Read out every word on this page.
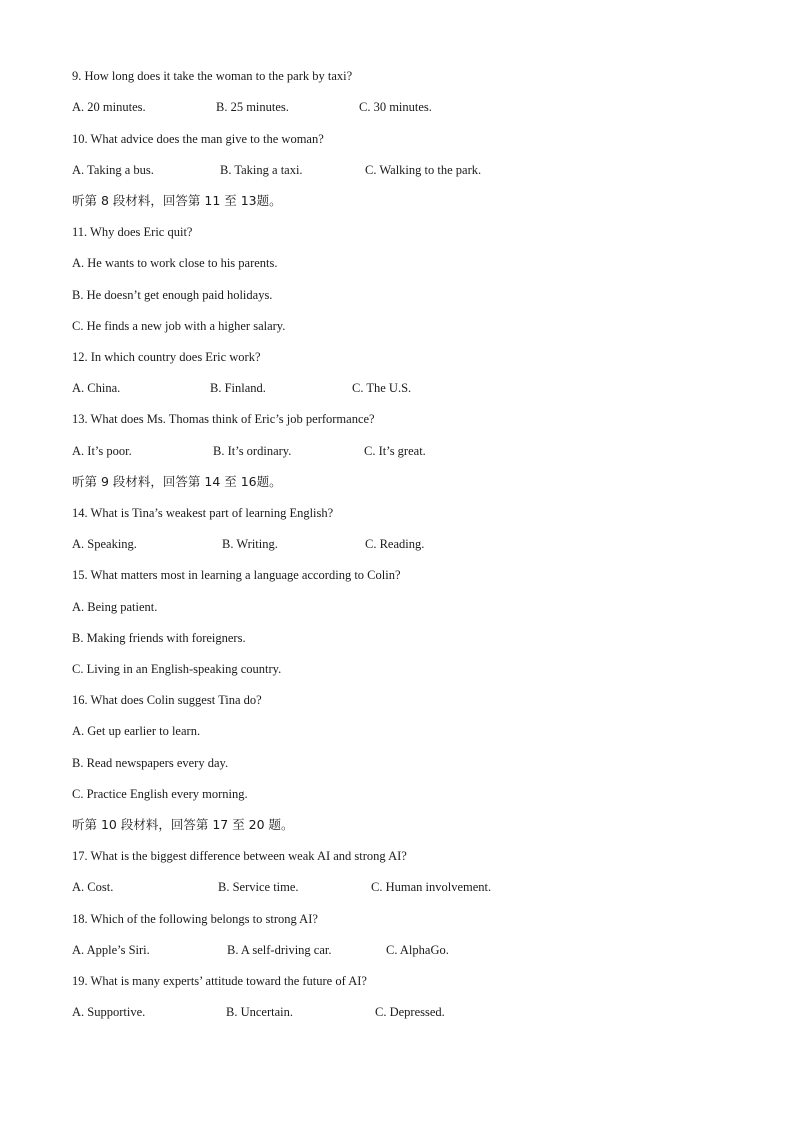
9. How long does it take the woman to the park by taxi?
A. 20 minutes.	B. 25 minutes.	C. 30 minutes.
10. What advice does the man give to the woman?
A. Taking a bus.	B. Taking a taxi.	C. Walking to the park.
听第 8 段材料，回答第 11 至 13题。
11. Why does Eric quit?
A. He wants to work close to his parents.
B. He doesn’t get enough paid holidays.
C. He finds a new job with a higher salary.
12. In which country does Eric work?
A. China.	B. Finland.	C. The U.S.
13. What does Ms. Thomas think of Eric’s job performance?
A. It’s poor.	B. It’s ordinary.	C. It’s great.
听第 9 段材料，回答第 14 至 16题。
14. What is Tina’s weakest part of learning English?
A. Speaking.	B. Writing.	C. Reading.
15. What matters most in learning a language according to Colin?
A. Being patient.
B. Making friends with foreigners.
C. Living in an English-speaking country.
16. What does Colin suggest Tina do?
A. Get up earlier to learn.
B. Read newspapers every day.
C. Practice English every morning.
听第 10 段材料，回答第 17 至 20 题。
17. What is the biggest difference between weak AI and strong AI?
A. Cost.	B. Service time.	C. Human involvement.
18. Which of the following belongs to strong AI?
A. Apple’s Siri.	B. A self-driving car.	C. AlphaGo.
19. What is many experts’ attitude toward the future of AI?
A. Supportive.	B. Uncertain.	C. Depressed.
